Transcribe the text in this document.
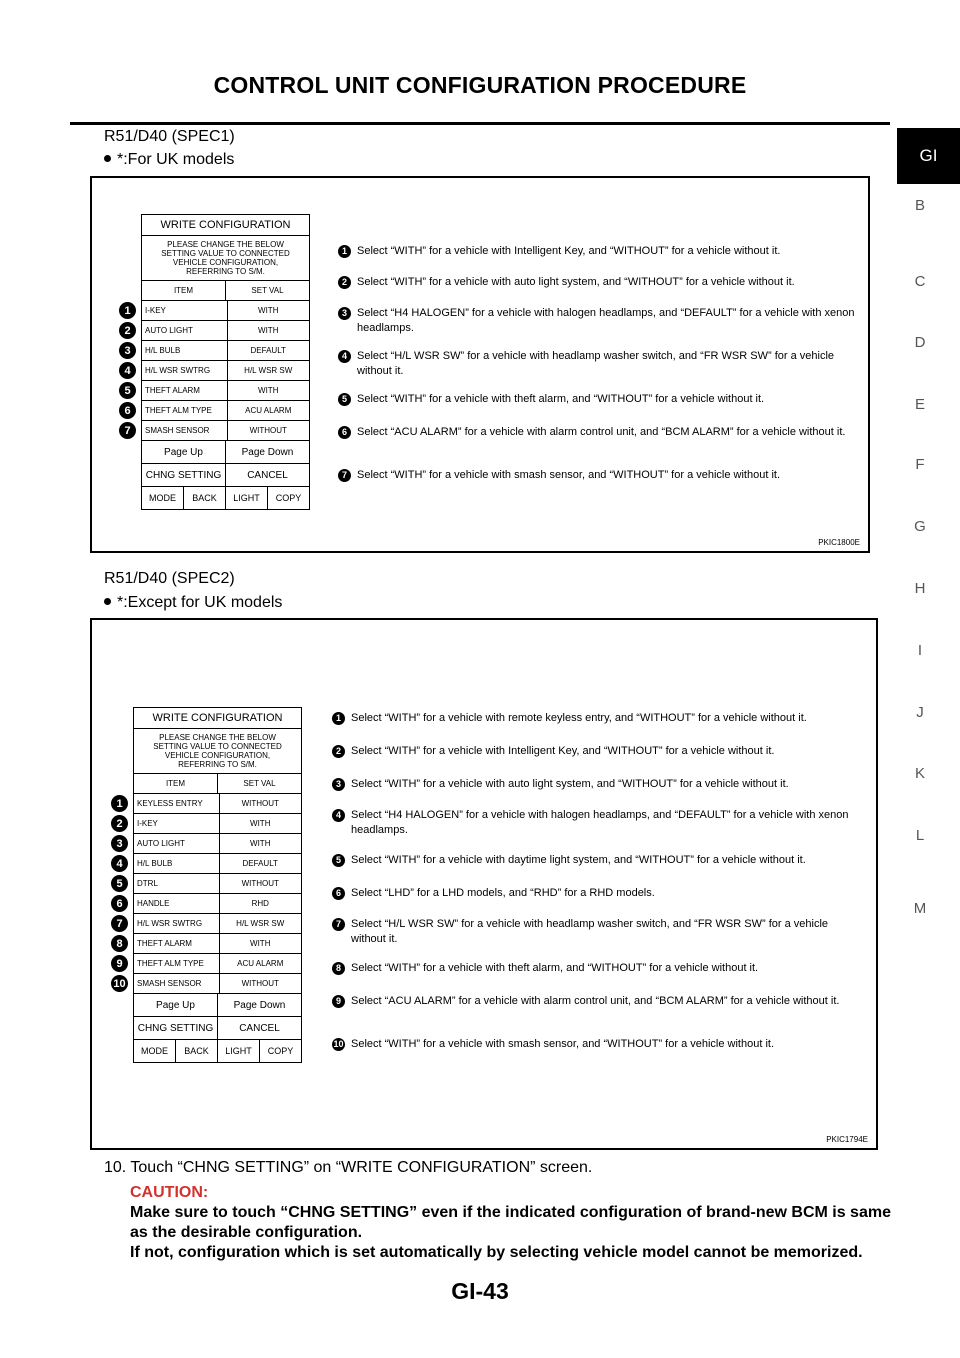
CONTROL UNIT CONFIGURATION PROCEDURE
GI
B
C
D
E
F
G
H
I
J
K
L
M
R51/D40 (SPEC1)
*:For UK models
WRITE CONFIGURATION
PLEASE CHANGE THE BELOW
SETTING VALUE TO CONNECTED
VEHICLE CONFIGURATION,
REFERRING TO S/M.
ITEM	SET VAL
I-KEY	WITH
AUTO LIGHT	WITH
H/L BULB	DEFAULT
H/L WSR SWTRG	H/L WSR SW
THEFT ALARM	WITH
THEFT ALM TYPE	ACU ALARM
SMASH SENSOR	WITHOUT
Page Up	Page Down
CHNG SETTING	CANCEL
MODE	BACK	LIGHT	COPY
1
2
3
4
5
6
7
1 Select “WITH” for a vehicle with Intelligent Key, and “WITHOUT” for a vehicle without it.
2 Select “WITH” for a vehicle with auto light system, and “WITHOUT” for a vehicle without it.
3 Select “H4 HALOGEN” for a vehicle with halogen headlamps, and “DEFAULT” for a vehicle with xenon headlamps.
4 Select “H/L WSR SW” for a vehicle with headlamp washer switch, and “FR WSR SW” for a vehicle without it.
5 Select “WITH” for a vehicle with theft alarm, and “WITHOUT” for a vehicle without it.
6 Select “ACU ALARM” for a vehicle with alarm control unit, and “BCM ALARM” for a vehicle without it.
7 Select “WITH” for a vehicle with smash sensor, and “WITHOUT” for a vehicle without it.
PKIC1800E
R51/D40 (SPEC2)
*:Except for UK models
WRITE CONFIGURATION
PLEASE CHANGE THE BELOW
SETTING VALUE TO CONNECTED
VEHICLE CONFIGURATION,
REFERRING TO S/M.
ITEM	SET VAL
KEYLESS ENTRY	WITHOUT
I-KEY	WITH
AUTO LIGHT	WITH
H/L BULB	DEFAULT
DTRL	WITHOUT
HANDLE	RHD
H/L WSR SWTRG	H/L WSR SW
THEFT ALARM	WITH
THEFT ALM TYPE	ACU ALARM
SMASH SENSOR	WITHOUT
Page Up	Page Down
CHNG SETTING	CANCEL
MODE	BACK	LIGHT	COPY
1
2
3
4
5
6
7
8
9
10
1 Select “WITH” for a vehicle with remote keyless entry, and “WITHOUT” for a vehicle without it.
2 Select “WITH” for a vehicle with Intelligent Key, and “WITHOUT” for a vehicle without it.
3 Select “WITH” for a vehicle with auto light system, and “WITHOUT” for a vehicle without it.
4 Select “H4 HALOGEN” for a vehicle with halogen headlamps, and “DEFAULT” for a vehicle with xenon headlamps.
5 Select “WITH” for a vehicle with daytime light system, and “WITHOUT” for a vehicle without it.
6 Select “LHD” for a LHD models, and “RHD” for a RHD models.
7 Select “H/L WSR SW” for a vehicle with headlamp washer switch, and “FR WSR SW” for a vehicle without it.
8 Select “WITH” for a vehicle with theft alarm, and “WITHOUT” for a vehicle without it.
9 Select “ACU ALARM” for a vehicle with alarm control unit, and “BCM ALARM” for a vehicle without it.
10 Select “WITH” for a vehicle with smash sensor, and “WITHOUT” for a vehicle without it.
PKIC1794E
10. Touch “CHNG SETTING” on “WRITE CONFIGURATION” screen.
CAUTION:
Make sure to touch “CHNG SETTING” even if the indicated configuration of brand-new BCM is same as the desirable configuration.
If not, configuration which is set automatically by selecting vehicle model cannot be memorized.
GI-43
